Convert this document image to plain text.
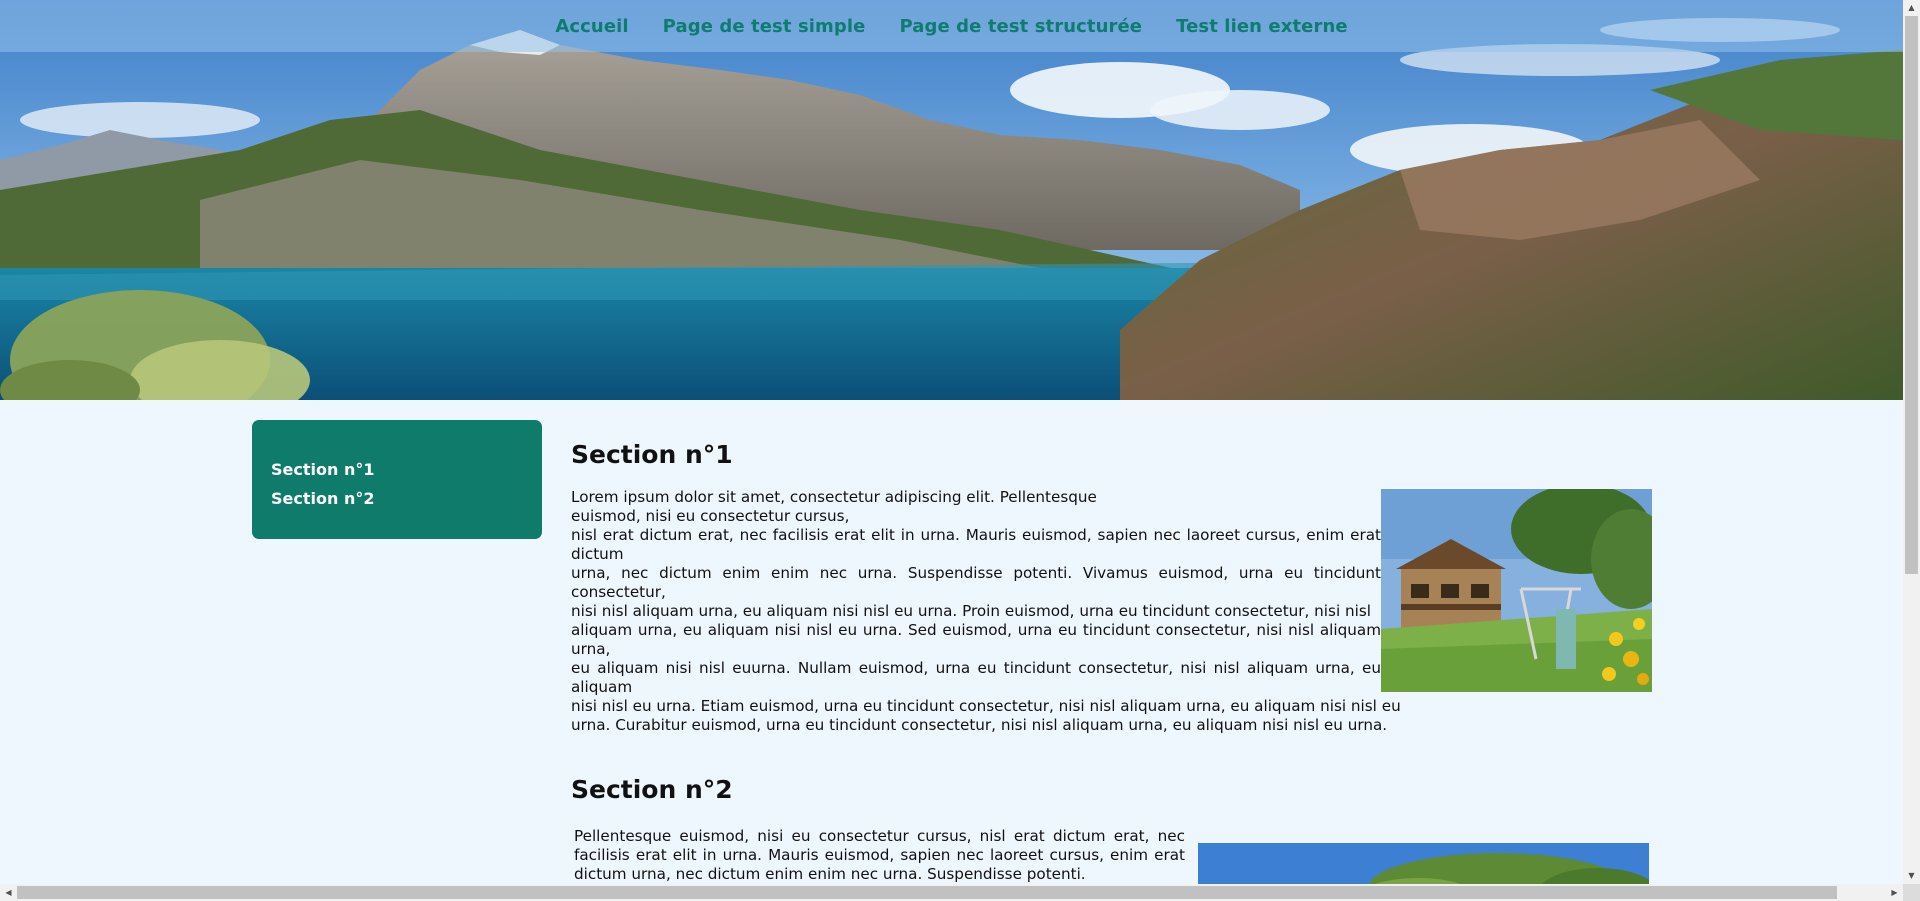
Accueil Page de test simple Page de test structurée Test lien externe
Section n°1
Section n°2
Section n°1

Lorem ipsum dolor sit amet, consectetur adipiscing elit. Pellentesque euismod, nisi eu consectetur cursus,
nisl erat dictum erat, nec facilisis erat elit in urna. Mauris euismod, sapien nec laoreet cursus, enim erat dictum
urna, nec dictum enim enim nec urna. Suspendisse potenti. Vivamus euismod, urna eu tincidunt consectetur,
nisi nisl aliquam urna, eu aliquam nisi nisl eu urna. Proin euismod, urna eu tincidunt consectetur, nisi nisl
aliquam urna, eu aliquam nisi nisl eu urna. Sed euismod, urna eu tincidunt consectetur, nisi nisl aliquam urna,
eu aliquam nisi nisl euurna. Nullam euismod, urna eu tincidunt consectetur, nisi nisl aliquam urna, eu aliquam
nisi nisl eu urna. Etiam euismod, urna eu tincidunt consectetur, nisi nisl aliquam urna, eu aliquam nisi nisl eu urna. Curabitur euismod, urna eu tincidunt consectetur, nisi nisl aliquam urna, eu aliquam nisi nisl eu urna.

Section n°2

Pellentesque euismod, nisi eu consectetur cursus, nisl erat dictum erat, nec facilisis erat elit in urna. Mauris euismod, sapien nec laoreet cursus, enim erat dictum urna, nec dictum enim enim nec urna. Suspendisse potenti.

▲
▼
◀	▶
